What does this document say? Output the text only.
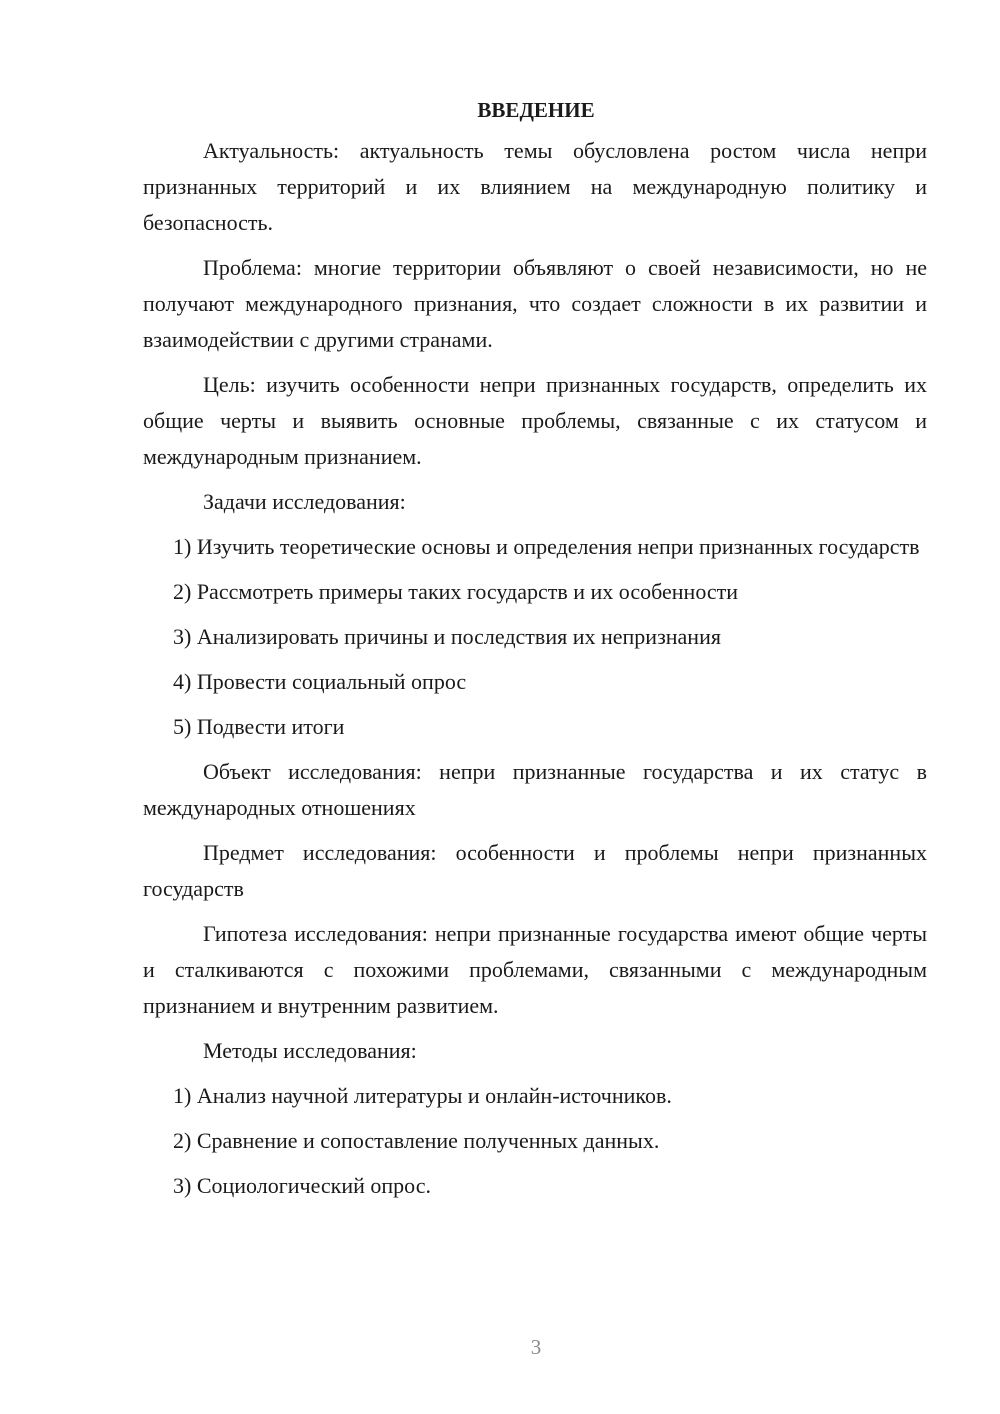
ВВЕДЕНИЕ

Актуальность: актуальность темы обусловлена ростом числа непри признанных территорий и их влиянием на международную политику и безопасность.

Проблема: многие территории объявляют о своей независимости, но не получают международного признания, что создает сложности в их развитии и взаимодействии с другими странами.

Цель: изучить особенности непри признанных государств, определить их общие черты и выявить основные проблемы, связанные с их статусом и международным признанием.

Задачи исследования:

1) Изучить теоретические основы и определения непри признанных государств

2) Рассмотреть примеры таких государств и их особенности

3) Анализировать причины и последствия их непризнания

4) Провести социальный опрос

5) Подвести итоги

Объект исследования: непри признанные государства и их статус в международных отношениях

Предмет исследования: особенности и проблемы непри признанных государств

Гипотеза исследования: непри признанные государства имеют общие черты и сталкиваются с похожими проблемами, связанными с международным признанием и внутренним развитием.

Методы исследования:

1) Анализ научной литературы и онлайн-источников.

2) Сравнение и сопоставление полученных данных.

3) Социологический опрос.

3
